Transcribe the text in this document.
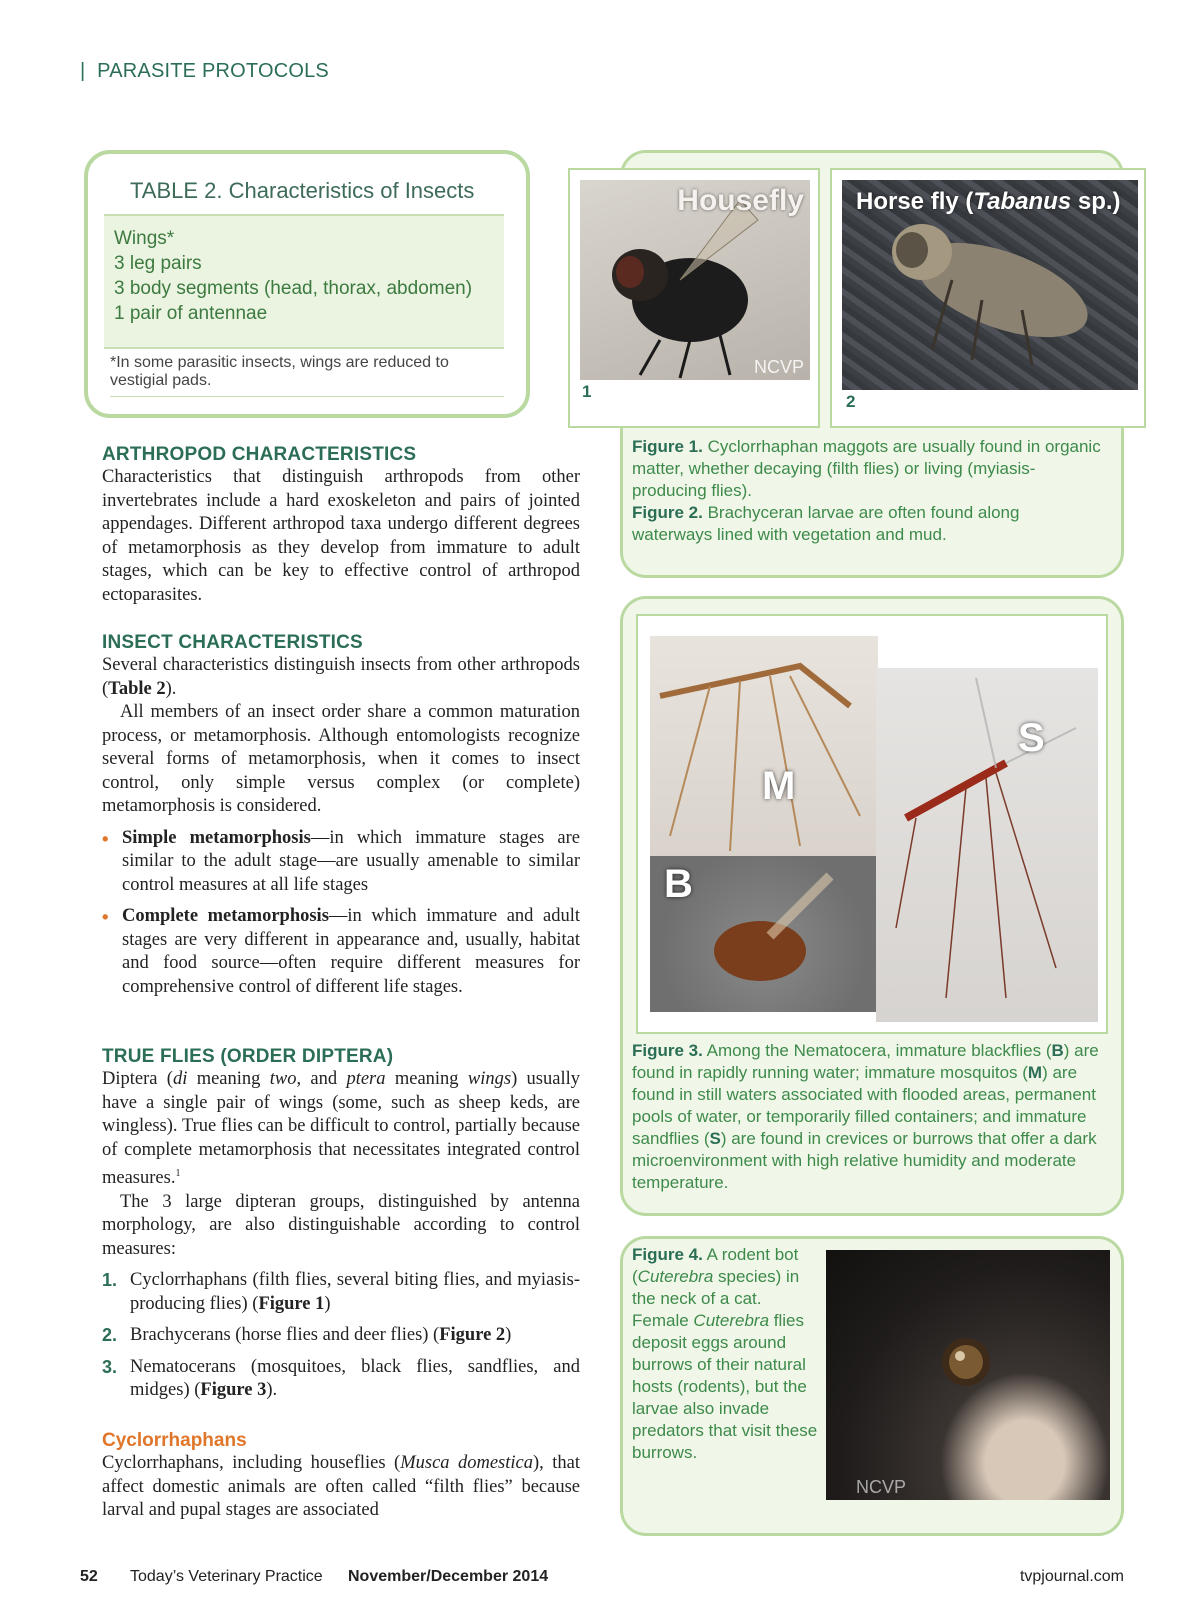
| PARASITE PROTOCOLS
TABLE 2. Characteristics of Insects
Wings*
3 leg pairs
3 body segments (head, thorax, abdomen)
1 pair of antennae
*In some parasitic insects, wings are reduced to vestigial pads.
Housefly
NCVP
1
Horse fly (Tabanus sp.)
2
Figure 1. Cyclorrhaphan maggots are usually found in organic matter, whether decaying (filth flies) or living (myiasis-producing flies).
Figure 2. Brachyceran larvae are often found along waterways lined with vegetation and mud.
M
B
S
Figure 3. Among the Nematocera, immature blackflies (B) are found in rapidly running water; immature mosquitos (M) are found in still waters associated with flooded areas, permanent pools of water, or temporarily filled containers; and immature sandflies (S) are found in crevices or burrows that offer a dark microenvironment with high relative humidity and moderate temperature.
Figure 4. A rodent bot (Cuterebra species) in the neck of a cat. Female Cuterebra flies deposit eggs around burrows of their natural hosts (rodents), but the larvae also invade predators that visit these burrows.
NCVP
ARTHROPOD CHARACTERISTICS
Characteristics that distinguish arthropods from other invertebrates include a hard exoskeleton and pairs of jointed appendages. Different arthropod taxa undergo different degrees of metamorphosis as they develop from immature to adult stages, which can be key to effective control of arthropod ectoparasites.
INSECT CHARACTERISTICS
Several characteristics distinguish insects from other arthropods (Table 2).
All members of an insect order share a common maturation process, or metamorphosis. Although entomologists recognize several forms of metamorphosis, when it comes to insect control, only simple versus complex (or complete) metamorphosis is considered.
• Simple metamorphosis—in which immature stages are similar to the adult stage—are usually amenable to similar control measures at all life stages
• Complete metamorphosis—in which immature and adult stages are very different in appearance and, usually, habitat and food source—often require different measures for comprehensive control of different life stages.
TRUE FLIES (ORDER DIPTERA)
Diptera (di meaning two, and ptera meaning wings) usually have a single pair of wings (some, such as sheep keds, are wingless). True flies can be difficult to control, partially because of complete metamorphosis that necessitates integrated control measures.$^1$
The 3 large dipteran groups, distinguished by antenna morphology, are also distinguishable according to control measures:
1. Cyclorrhaphans (filth flies, several biting flies, and myiasis-producing flies) (Figure 1)
2. Brachycerans (horse flies and deer flies) (Figure 2)
3. Nematocerans (mosquitoes, black flies, sandflies, and midges) (Figure 3).
Cyclorrhaphans
Cyclorrhaphans, including houseflies (Musca domestica), that affect domestic animals are often called “filth flies” because larval and pupal stages are associated
52 Today’s Veterinary Practice November/December 2014	tvpjournal.com
